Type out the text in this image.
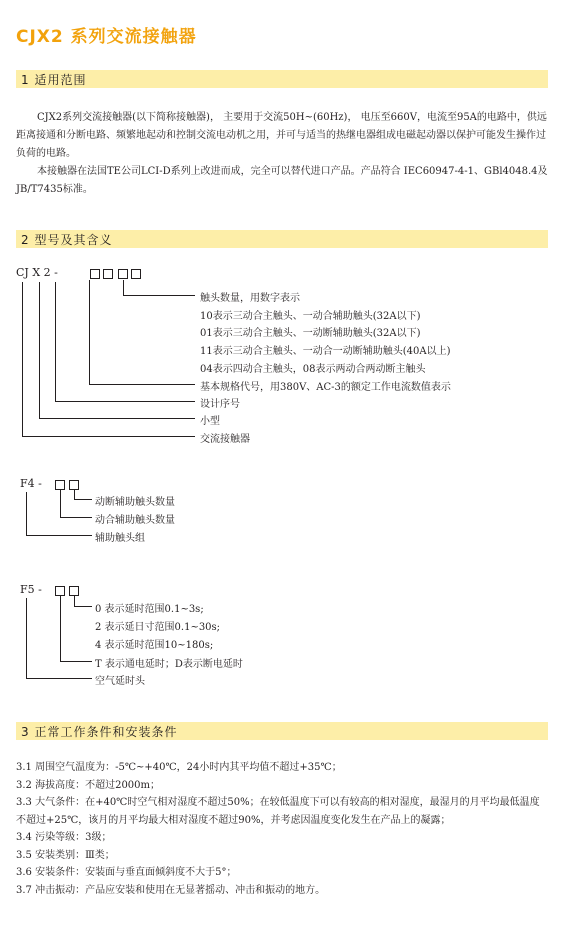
CJX2 系列交流接触器
1 适用范围

CJX2系列交流接触器(以下简称接触器)， 主要用于交流50H~(60Hz)， 电压至660V，电流至95A的电路中，供远距离接通和分断电路、频繁地起动和控制交流电动机之用，并可与适当的热继电器组成电磁起动器以保护可能发生操作过负荷的电路。

本接触器在法国TE公司LCI-D系列上改进而成，完全可以替代进口产品。产品符合 IEC60947-4-1、GBl4048.4及JB/T7435标准。

2 型号及其含义
CJ X 2 -
触头数量，用数字表示
10表示三动合主触头、一动合辅助触头(32A以下)
01表示三动合主触头、一动断辅助触头(32A以下)
11表示三动合主触头、一动合一动断辅助触头(40A以上)
04表示四动合主触头，08表示两动合两动断主触头
基本规格代号，用380V、AC-3的额定工作电流数值表示
设计序号
小型
交流接触器
F4 -
动断辅助触头数量
动合辅助触头数量
辅助触头组
F5 -
0 表示延时范围0.1~3s;
2 表示延日寸范围0.1~30s;
4 表示延时范围10~180s;
T 表示通电延时；D表示断电延时
空气延时头
3 正常工作条件和安装条件
3.1 周围空气温度为：-5℃~+40℃，24小时内其平均值不超过+35℃；
3.2 海拔高度：不超过2000m；
3.3 大气条件：在+40℃时空气相对湿度不超过50%；在较低温度下可以有较高的相对湿度，最湿月的月平均最低温度不超过+25℃，该月的月平均最大相对湿度不超过90%，并考虑因温度变化发生在产品上的凝露；
3.4 污染等级：3级；
3.5 安装类别：Ⅲ类；
3.6 安装条件：安装面与垂直面倾斜度不大于5°；
3.7 冲击振动：产品应安装和使用在无显著摇动、冲击和振动的地方。
